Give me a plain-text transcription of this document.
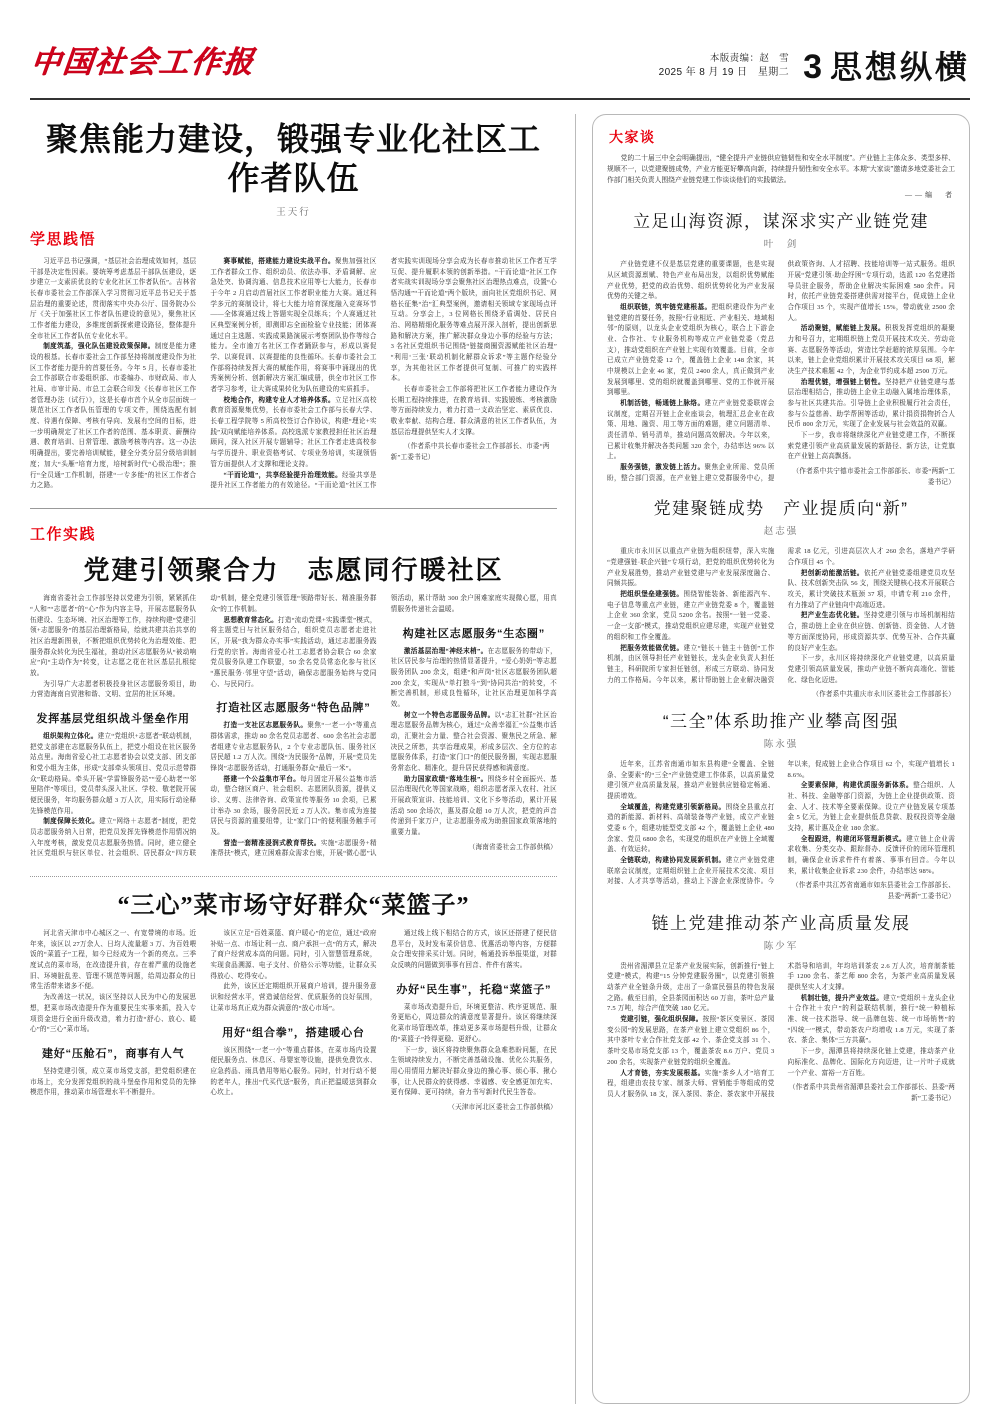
中国社会工作报	本版责编：赵　雪
2025 年 8 月 19 日　星期二 3 思想纵横
聚焦能力建设，锻强专业化社区工作者队伍
王天行
学思践悟

习近平总书记强调，“基层社会治理成效如何，基层干部是决定性因素。要统筹考虑基层干部队伍建设，逐步建立一支素质优良的专业化社区工作者队伍”。吉林省长春市委社会工作部深入学习贯彻习近平总书记关于基层治理的重要论述，贯彻落实中央办公厅、国务院办公厅《关于加强社区工作者队伍建设的意见》，聚焦社区工作者能力建设，多维度创新探索建设路径，整体提升全市社区工作者队伍专业化水平。

制度筑基，强化队伍建设政策保障。制度是能力建设的根基。长春市委社会工作部坚持将制度建设作为社区工作者能力提升的首要任务。今年 5 月，长春市委社会工作部联合市委组织部、市委编办、市财政局、市人社局、市审计局、市总工会联合印发《长春市社区工作者管理办法（试行）》，这是长春市首个从全市层面统一规范社区工作者队伍管理的专项文件，围绕选配有制度、待遇有保障、考核有导向、发展有空间的目标，进一步明确规定了社区工作者的范围、基本职责、薪酬待遇、教育培训、日常管理、激励考核等内容。这一办法明确提出，要完善培训赋能，健全分类分层分级培训制度；加大“头雁”培育力度，培树新时代“心级治理”；推行“全员通”工作机制，搭建“一专多能”的社区工作者合力之路。

赛事赋能，搭建能力建设实战平台。聚焦加强社区工作者群众工作、组织动员、依法办事、矛盾调解、应急处突、协调沟通、信息技术应用等七大能力，长春市于今年 2 月启动首届社区工作者职业能力大赛。通过科学多元的赛制设计，将七大能力培育深度融入竞赛环节——全体赛通过线上答题实现全员练兵；个人赛通过社区典型案例分析，即测即忘全面检验专业技能；团体赛通过自主选题、实践成果路演展示考察团队协作等综合能力。全市逾万名社区工作者踊跃参与，形成以赛促学、以赛促训、以赛提能的良性循环。长春市委社会工作部将持续发挥大赛的赋能作用，将赛事中涌现出的优秀案例分析、创新解决方案汇编成册，供全市社区工作者学习参考，让大赛成果转化为队伍建设的实质抓手。

校地合作，构建专业人才培养体系。立足社区高校教育资源聚集优势，长春市委社会工作部与长春大学、长春工程学院等 5 所高校签订合作协议，构建“理论+实践”双向赋能培养体系。高校选派专家教授担任社区治理顾问，深入社区开展专题辅导；社区工作者走进高校参与学历提升、职业资格考试、专项业务培训，实现领悟管方面提供人才支撑和理论支持。

“干而论道”，共享经验提升治理效能。经验共享是提升社区工作者能力的有效途径。“干而论道”社区工作者实践实训现场分享会成为长春市推动社区工作者互学互促、提升履职本领的创新举措。“干而论道”社区工作者实战实训现场分享会聚焦社区治理热点难点，设置“心悟沟通”“干而论道”两个版块，面向社区党组织书记、网格长征集“治”汇典型案例，邀请相关领域专家现场点评互动。分享会上，3 位网格长围绕矛盾调处、居民自治、网格精细化服务等难点展开深入剖析，提出创新思路和解决方案，推广解决群众身边小事的经验与方法；3 名社区党组织书记围绕“链接商圈资源赋能社区治理”“利用‘三张’联动机制化解群众诉求”等主题作经验分享，为其他社区工作者提供可复制、可推广的实践样本。

长春市委社会工作部将把社区工作者能力建设作为长期工程持续推进，在教育培训、实践锻炼、考核激励等方面持续发力，着力打造一支政治坚定、素质优良、敬业奉献、结构合理、群众满意的社区工作者队伍，为基层治理提供坚实人才支撑。

（作者系中共长春市委社会工作部部长、市委“两新”工委书记）

工作实践
党建引领聚合力　志愿同行暖社区

海南省委社会工作部坚持以党建为引领，紧紧抓住“人和”“志愿者”的“心”作为内容主导，开展志愿服务队伍建设、生态环境、社区治理等工作，持续构建“党建引领+志愿服务”的基层治理新格局，绘就共建共治共享的社区治理新图景，不断把组织优势转化为治理效能、把服务群众转化为民生福祉，推动社区志愿服务从“被动响应”向“主动作为”转变，让志愿之花在社区基层扎根绽放。

为引导广大志愿者积极投身社区志愿服务项目，助力营造海南自贸港和谐、文明、宜居的社区环境。

发挥基层党组织战斗堡垒作用

组织架构立体化。建立“党组织+志愿者”联动机制，把党支部建在志愿服务队伍上，把党小组设在社区服务站点里。海南省爱心社工志愿者协会以党支部、团支部和党小组为主体，形成“支部牵头领项目、党员示范带群众”联动格局。牵头开展“学雷锋服务站”“爱心助老”“邻里陪伴”等项目，党员带头深入社区、学校、敬老院开展便民服务，年均服务群众超 3 万人次，用实际行动诠释先锋模范作用。

制度保障长效化。建立“网络＋志愿者”制度，把党员志愿服务纳入日常，把党员发挥先锋模范作用情况纳入年度考核，激发党员志愿服务热情。同时，建立健全社区党组织与驻区单位、社会组织、居民群众“四方联动”机制，健全党建引领管理“领路带好长、精准服务群众”的工作机制。

思想教育常态化。打造“流动党课+实践课堂”模式，将主题党日与社区服务结合，组织党员志愿者走进社区，开展“我为群众办实事”实践活动，通过志愿服务践行党的宗旨。海南省爱心社工志愿者协会联合 60 余家党员服务队建工作联盟，50 余名党员常态化参与社区“惠民服务·邻里守望”活动，确保志愿服务始终与党同心、与民同行。

打造社区志愿服务“特色品牌”

打造一支社区志愿服务队。聚焦“一老一小”等重点群体需求，推动 80 余名党员志愿者、600 余名社会志愿者组建专业志愿服务队，2 个专业志愿队伍、服务社区居民超 1.2 万人次。围绕“为民服务”品牌，开展“党员先锋岗”志愿服务活动，打通服务群众“最后一米”。

搭建一个公益集市平台。每月固定开展公益集市活动，整合辖区商户、社会组织、志愿团队资源，提供义诊、义剪、法律咨询、政策宣传等服务 10 余项，已累计举办 30 余场，服务居民近 2 万人次。集市成为连接居民与资源的重要纽带，让“家门口”的便利服务触手可及。

营造一套精准浸润式教育帮扶。实施“志愿服务+精准帮扶”模式，建立困难群众需求台账，开展“微心愿”认领活动，累计帮助 300 余户困难家庭实现微心愿，用真情服务传递社会温暖。

构建社区志愿服务“生态圈”

激活基层治理“神经末梢”。在志愿服务的带动下，社区居民参与治理的热情显著提升，“爱心奶奶”等志愿服务团队 200 余支，组建“和声岗”社区志愿服务团队超 200 余支，实现从“单打独斗”到“协同共治”的转变，不断完善机制，形成良性循环，让社区治理更加科学高效。

树立一个特色志愿服务品牌。以“志汇社群”社区治理志愿服务品牌为核心，通过“众善幸福汇”公益集市活动，汇聚社会力量、整合社会资源、聚焦民之所急、解决民之所愁，共享治理成果，形成多层次、全方位的志愿服务体系，打造“家门口”的便民服务圈，实现志愿服务常态化、精准化，提升居民获得感和满意度。

助力国家政绩“落地生根”。围绕乡村全面振兴、基层治理现代化等国家战略，组织志愿者深入农村、社区开展政策宣讲、技能培训、文化下乡等活动，累计开展活动 500 余场次，惠及群众超 10 万人次，把党的声音传递到千家万户，让志愿服务成为助推国家政策落地的重要力量。

（海南省委社会工作部供稿）

“三心”菜市场守好群众“菜篮子”

河北省天津市中心城区之一、有宽带境的市场。近年来，该区以 27万余人、日均人流量超 3 万、为百姓喂饭的“菜篮子”工程，如今已经成为一个新的亮点。三季度试点的菜市场，在改造提升前，存在着严重的设施老旧、环境脏乱差、管理不规范等问题，给周边群众的日常生活带来诸多不便。

为改善这一状况，该区坚持以人民为中心的发展思想，把菜市场改造提升作为重要民生实事来抓，投入专项资金进行全面升级改造，着力打造“舒心、放心、暖心”的“三心”菜市场。

建好“压舱石”，商事有人气

坚持党建引领，成立菜市场党支部，把党组织建在市场上，充分发挥党组织的战斗堡垒作用和党员的先锋模范作用，推动菜市场管理水平不断提升。

该区立足“百姓菜篮、商户暖心”的定位，通过“政府补贴一点、市场让利一点、商户承担一点”的方式，解决了商户经营成本高的问题。同时，引入智慧管理系统，实现食品溯源、电子支付、价格公示等功能，让群众买得放心、吃得安心。

此外，该区还定期组织开展商户培训，提升服务意识和经营水平，营造诚信经营、优质服务的良好氛围，让菜市场真正成为群众满意的“放心市场”。

用好“组合拳”，搭建暖心台

该区围绕“一老一小”等重点群体，在菜市场内设置便民服务点、休息区、母婴室等设施，提供免费饮水、应急药品、雨具借用等贴心服务。同时，针对行动不便的老年人，推出“代买代送”服务，真正把温暖送到群众心坎上。

通过线上线下相结合的方式，该区还搭建了便民信息平台，及时发布菜价信息、优惠活动等内容，方便群众合理安排采买计划。同时，畅通投诉举报渠道，对群众反映的问题做到事事有回音、件件有落实。

办好“民生事”，托稳“菜篮子”

菜市场改造提升后，环境更整洁、秩序更规范、服务更贴心，周边群众的满意度显著提升。该区将继续深化菜市场管理改革，推动更多菜市场提档升级，让群众的“菜篮子”拎得更稳、更舒心。

下一步，该区将持续聚焦群众急难愁盼问题，在民生领域持续发力，不断完善基础设施、优化公共服务，用心用情用力解决好群众身边的操心事、烦心事、揪心事，让人民群众的获得感、幸福感、安全感更加充实、更有保障、更可持续，奋力书写新时代民生答卷。

（天津市河北区委社会工作部供稿）

大家谈

党的二十届三中全会明确提出，“健全提升产业链供应链韧性和安全水平制度”。产业链上主体众多、类型多样、规顺不一，以党建聚链成势，产业方能更好攀高向新，持续提升韧性和安全水平。本期“大家谈”邀请多地党委社会工作部门相关负责人围绕产业链党建工作谈谈他们的实践做法。

——编　者

立足山海资源，谋深求实产业链党建
叶　剑

产业链党建不仅是基层党建的重要课题，也是实现从区域资源禀赋、特色产业布局出发，以组织优势赋能产业优势，把党的政治优势、组织优势转化为产业发展优势的关键之举。

组织联链，筑牢链党建根基。把组织建设作为产业链党建的首要任务，按照“行业相近、产业相关、地域相邻”的原则，以龙头企业党组织为核心，联合上下游企业、合作社、专业服务机构等成立产业链党委（党总支），推动党组织在产业链上实现有效覆盖。目前，全市已成立产业链党委 12 个，覆盖链上企业 148 余家，其中规模以上企业 46 家，党员 2400 余人，真正做到产业发展到哪里、党的组织就覆盖到哪里、党的工作就开展到哪里。

机制活链，畅通链上脉络。建立产业链党委联席会议制度，定期召开链上企业座谈会，梳理汇总企业在政策、用地、融资、用工等方面的难题，建立问题清单、责任清单、销号清单，推动问题高效解决。今年以来，已累计收集并解决各类问题 320 余个，办结率达 96% 以上。

服务强链，激发链上活力。聚焦企业所需、党员所盼，整合部门资源，在产业链上建立党群服务中心，提供政策咨询、人才招聘、技能培训等一站式服务。组织开展“党建引领·助企纾困”专项行动，选派 120 名党建指导员驻企服务，帮助企业解决实际困难 580 余件。同时，依托产业链党委搭建供需对接平台，促成链上企业合作项目 35 个，实现产值增长 15%，带动就业 2500 余人。

活动聚链，赋能链上发展。积极发挥党组织的凝聚力和号召力，定期组织链上党员开展技术攻关、劳动竞赛、志愿服务等活动，营造比学赶超的浓厚氛围。今年以来，链上企业党组织累计开展技术攻关项目 68 项，解决生产技术难题 42 个，为企业节约成本超 2500 万元。

治理优链，增强链上韧性。坚持把产业链党建与基层治理相结合，推动链上企业主动融入属地治理体系，参与社区共建共治。引导链上企业积极履行社会责任，参与公益慈善、助学帮困等活动，累计捐资捐物折合人民币 800 余万元，实现了企业发展与社会效益的双赢。

下一步，我市将继续深化产业链党建工作，不断探索党建引领产业高质量发展的新路径、新方法，让党旗在产业链上高高飘扬。

（作者系中共宁德市委社会工作部部长、市委“两新”工委书记）

党建聚链成势　产业提质向“新”
赵志强

重庆市永川区以重点产业链为组织纽带，深入实施“党建强链·联企兴链”专项行动，把党的组织优势转化为产业发展胜势，推动产业链党建与产业发展深度融合、同频共振。

把组织堡垒建强链。围绕智能装备、新能源汽车、电子信息等重点产业链，建立产业链党委 8 个，覆盖链上企业 360 余家，党员 5200 余名。按照“一链一党委、一企一支部”模式，推动党组织应建尽建，实现产业链党的组织和工作全覆盖。

把服务效能做优链。建立“链长＋链主＋链创”工作机制，由区领导担任产业链链长，龙头企业负责人担任链主，科研院所专家担任链创，形成三方联动、协同发力的工作格局。今年以来，累计帮助链上企业解决融资需求 18 亿元，引进高层次人才 260 余名，落地产学研合作项目 45 个。

把创新动能激活链。依托产业链党委组建党员攻坚队、技术创新突击队 56 支，围绕关键核心技术开展联合攻关，累计突破技术瓶颈 37 项，申请专利 210 余件，有力推动了产业链向中高端迈进。

把产业生态优化链。坚持党建引领与市场机制相结合，推动链上企业在供应链、创新链、资金链、人才链等方面深度协同，形成资源共享、优势互补、合作共赢的良好产业生态。

下一步，永川区将持续深化产业链党建，以高质量党建引领高质量发展，推动产业链不断向高端化、智能化、绿色化迈进。

（作者系中共重庆市永川区委社会工作部部长）

“三全”体系助推产业攀高图强
陈永强

近年来，江苏省南通市如东县构建“全覆盖、全链条、全要素”的“三全”产业链党建工作体系，以高质量党建引领产业高质量发展，推动产业链供应链稳定畅通、提质增效。

全域覆盖，构建党建引领新格局。围绕全县重点打造的新能源、新材料、高端装备等产业链，成立产业链党委 6 个，组建功能型党支部 42 个，覆盖链上企业 480 余家、党员 6800 余名，实现党的组织在产业链上全域覆盖、有效运转。

全链联动，构建协同发展新机制。建立产业链党建联席会议制度，定期组织链上企业开展技术交流、项目对接、人才共享等活动，推动上下游企业深度协作。今年以来，促成链上企业合作项目 62 个，实现产值增长 18.6%。

全要素保障，构建优质服务新体系。整合组织、人社、科技、金融等部门资源，为链上企业提供政策、资金、人才、技术等全要素保障。设立产业链发展专项基金 5 亿元，为链上企业提供低息贷款、股权投资等金融支持，累计惠及企业 180 余家。

全程跟进，构建闭环管理新模式。建立链上企业需求收集、分类交办、跟踪督办、反馈评价的闭环管理机制，确保企业诉求件件有着落、事事有回音。今年以来，累计收集企业诉求 230 余件，办结率达 98%。

（作者系中共江苏省南通市如东县委社会工作部部长、县委“两新”工委书记）

链上党建推动茶产业高质量发展
陈少军

贵州省湄潭县立足茶产业发展实际，创新推行“链上党建”模式，构建“15 分钟党建服务圈”，以党建引领推动茶产业全链条升级，走出了一条富民强县的特色发展之路。截至目前，全县茶园面积达 60 万亩，茶叶总产量 7.5 万吨，综合产值突破 180 亿元。

党建引链，强化组织保障。按照“茶区变景区、茶园变公园”的发展思路，在茶产业链上建立党组织 86 个，其中茶叶专业合作社党支部 42 个、茶企党支部 31 个、茶叶交易市场党支部 13 个，覆盖茶农 8.6 万户、党员 3200 余名，实现茶产业链党的组织全覆盖。

人才育链，夯实发展根基。实施“茶乡人才”培育工程，组建由农技专家、制茶大师、营销能手等组成的党员人才服务队 18 支，深入茶园、茶企、茶农家中开展技术指导和培训，年均培训茶农 2.6 万人次，培育制茶能手 1200 余名、茶艺师 800 余名，为茶产业高质量发展提供坚实人才支撑。

机制壮链，提升产业效益。建立“党组织＋龙头企业＋合作社＋农户”的利益联结机制，推行“统一种植标准、统一技术指导、统一品牌包装、统一市场销售”的“四统一”模式，带动茶农户均增收 1.8 万元，实现了茶农、茶企、集体“三方共赢”。

下一步，湄潭县将持续深化链上党建，推动茶产业向标准化、品牌化、国际化方向迈进，让一片叶子成就一个产业、富裕一方百姓。

（作者系中共贵州省湄潭县委社会工作部部长、县委“两新”工委书记）
